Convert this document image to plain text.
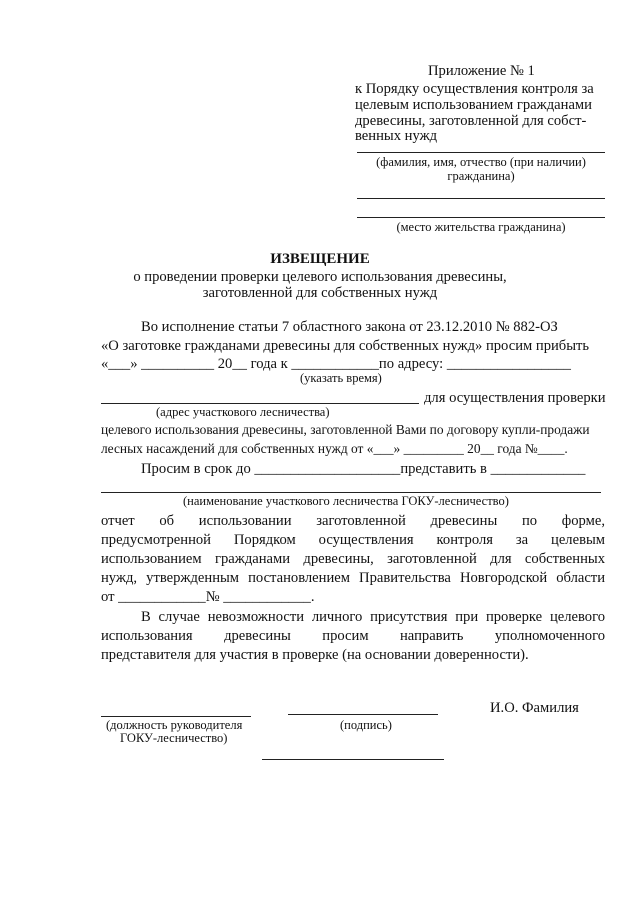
Приложение № 1
к Порядку осуществления контроля за
целевым использованием гражданами
древесины, заготовленной для собст-
венных нужд
(фамилия, имя, отчество (при наличии)
гражданина)
(место жительства гражданина)
ИЗВЕЩЕНИЕ
о проведении проверки целевого использования древесины,
заготовленной для собственных нужд
Во исполнение статьи 7 областного закона от 23.12.2010 № 882-ОЗ
«О заготовке гражданами древесины для собственных нужд» просим прибыть
«___» __________ 20__ года к ____________по адресу: _________________
(указать время)
для осуществления проверки
(адрес участкового лесничества)
целевого использования древесины, заготовленной Вами по договору купли-продажи
лесных насаждений для собственных нужд от «___» _________ 20__ года №____.
Просим в срок до ____________________представить в _____________
(наименование участкового лесничества ГОКУ-лесничество)
отчет об использовании заготовленной древесины по форме,
предусмотренной Порядком осуществления контроля за целевым
использованием гражданами древесины, заготовленной для собственных
нужд, утвержденным постановлением Правительства Новгородской области
от ____________№ ____________.
В случае невозможности личного присутствия при проверке целевого
использования древесины просим направить уполномоченного
представителя для участия в проверке (на основании доверенности).
(должность руководителя
ГОКУ-лесничество)
(подпись)
И.О. Фамилия
